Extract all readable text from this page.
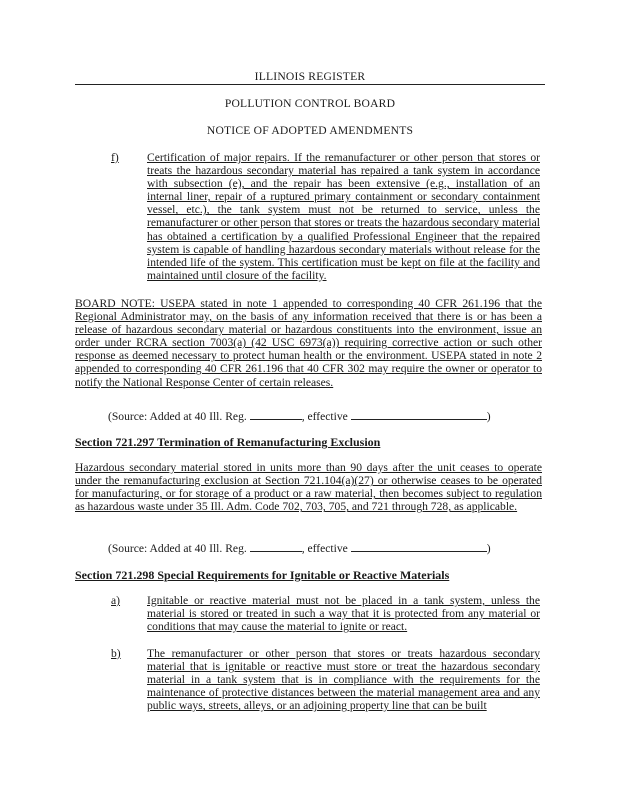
ILLINOIS REGISTER
POLLUTION CONTROL BOARD
NOTICE OF ADOPTED AMENDMENTS
f) Certification of major repairs. If the remanufacturer or other person that stores or treats the hazardous secondary material has repaired a tank system in accordance with subsection (e), and the repair has been extensive (e.g., installation of an internal liner, repair of a ruptured primary containment or secondary containment vessel, etc.), the tank system must not be returned to service, unless the remanufacturer or other person that stores or treats the hazardous secondary material has obtained a certification by a qualified Professional Engineer that the repaired system is capable of handling hazardous secondary materials without release for the intended life of the system. This certification must be kept on file at the facility and maintained until closure of the facility.
BOARD NOTE: USEPA stated in note 1 appended to corresponding 40 CFR 261.196 that the Regional Administrator may, on the basis of any information received that there is or has been a release of hazardous secondary material or hazardous constituents into the environment, issue an order under RCRA section 7003(a) (42 USC 6973(a)) requiring corrective action or such other response as deemed necessary to protect human health or the environment. USEPA stated in note 2 appended to corresponding 40 CFR 261.196 that 40 CFR 302 may require the owner or operator to notify the National Response Center of certain releases.
(Source: Added at 40 Ill. Reg.	, effective	)
Section 721.297 Termination of Remanufacturing Exclusion
Hazardous secondary material stored in units more than 90 days after the unit ceases to operate under the remanufacturing exclusion at Section 721.104(a)(27) or otherwise ceases to be operated for manufacturing, or for storage of a product or a raw material, then becomes subject to regulation as hazardous waste under 35 Ill. Adm. Code 702, 703, 705, and 721 through 728, as applicable.
(Source: Added at 40 Ill. Reg.	, effective	)
Section 721.298 Special Requirements for Ignitable or Reactive Materials
a) Ignitable or reactive material must not be placed in a tank system, unless the material is stored or treated in such a way that it is protected from any material or conditions that may cause the material to ignite or react.
b) The remanufacturer or other person that stores or treats hazardous secondary material that is ignitable or reactive must store or treat the hazardous secondary material in a tank system that is in compliance with the requirements for the maintenance of protective distances between the material management area and any public ways, streets, alleys, or an adjoining property line that can be built
